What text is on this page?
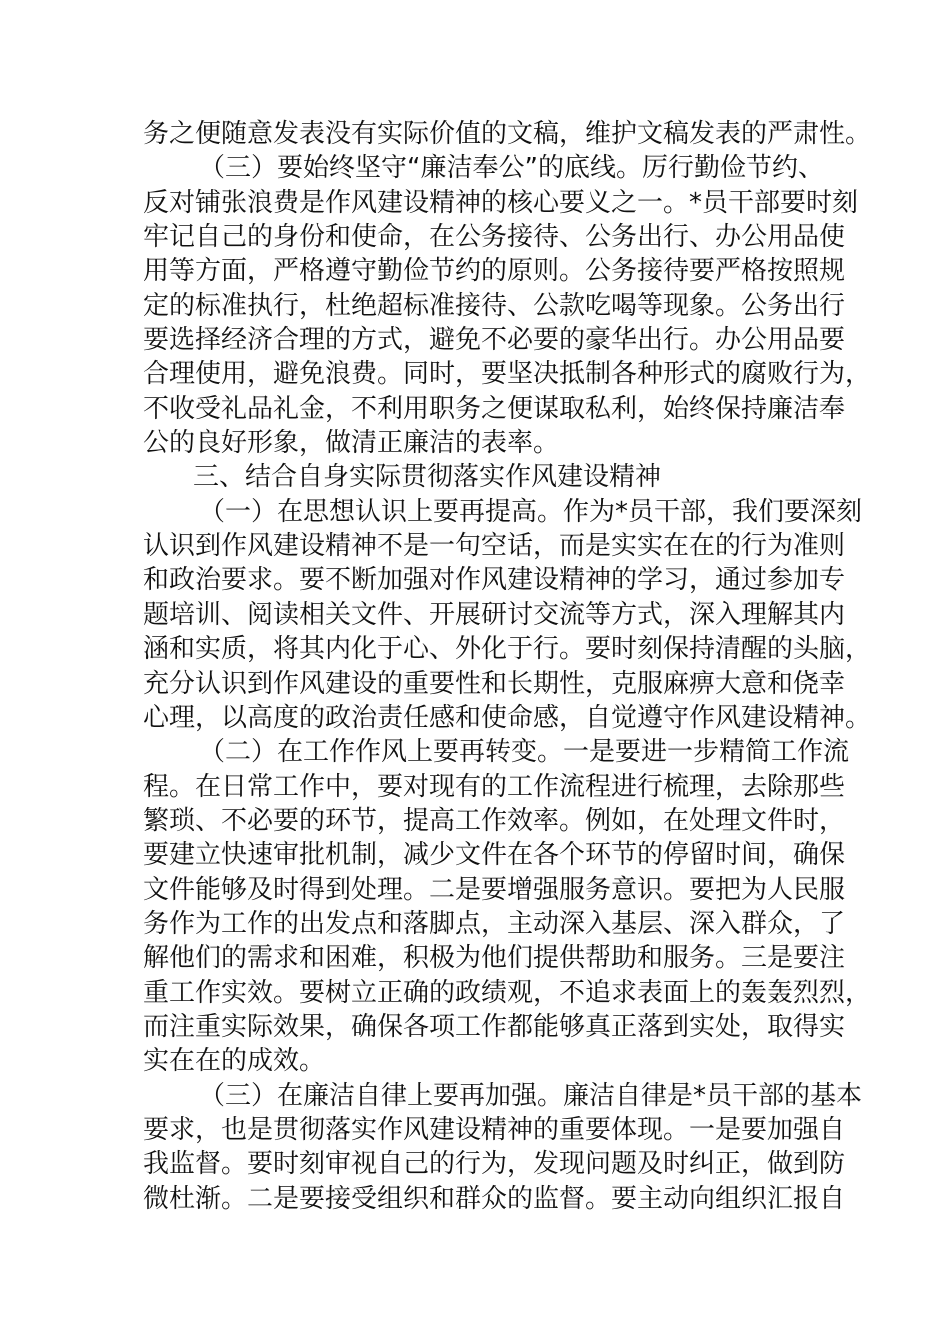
务之便随意发表没有实际价值的文稿，维护文稿发表的严肃性。
（三）要始终坚守“廉洁奉公”的底线。厉行勤俭节约、
反对铺张浪费是作风建设精神的核心要义之一。*员干部要时刻
牢记自己的身份和使命，在公务接待、公务出行、办公用品使
用等方面，严格遵守勤俭节约的原则。公务接待要严格按照规
定的标准执行，杜绝超标准接待、公款吃喝等现象。公务出行
要选择经济合理的方式，避免不必要的豪华出行。办公用品要
合理使用，避免浪费。同时，要坚决抵制各种形式的腐败行为，
不收受礼品礼金，不利用职务之便谋取私利，始终保持廉洁奉
公的良好形象，做清正廉洁的表率。
三、结合自身实际贯彻落实作风建设精神
（一）在思想认识上要再提高。作为*员干部，我们要深刻
认识到作风建设精神不是一句空话，而是实实在在的行为准则
和政治要求。要不断加强对作风建设精神的学习，通过参加专
题培训、阅读相关文件、开展研讨交流等方式，深入理解其内
涵和实质，将其内化于心、外化于行。要时刻保持清醒的头脑，
充分认识到作风建设的重要性和长期性，克服麻痹大意和侥幸
心理，以高度的政治责任感和使命感，自觉遵守作风建设精神。
（二）在工作作风上要再转变。一是要进一步精简工作流
程。在日常工作中，要对现有的工作流程进行梳理，去除那些
繁琐、不必要的环节，提高工作效率。例如，在处理文件时，
要建立快速审批机制，减少文件在各个环节的停留时间，确保
文件能够及时得到处理。二是要增强服务意识。要把为人民服
务作为工作的出发点和落脚点，主动深入基层、深入群众，了
解他们的需求和困难，积极为他们提供帮助和服务。三是要注
重工作实效。要树立正确的政绩观，不追求表面上的轰轰烈烈，
而注重实际效果，确保各项工作都能够真正落到实处，取得实
实在在的成效。
（三）在廉洁自律上要再加强。廉洁自律是*员干部的基本
要求，也是贯彻落实作风建设精神的重要体现。一是要加强自
我监督。要时刻审视自己的行为，发现问题及时纠正，做到防
微杜渐。二是要接受组织和群众的监督。要主动向组织汇报自
